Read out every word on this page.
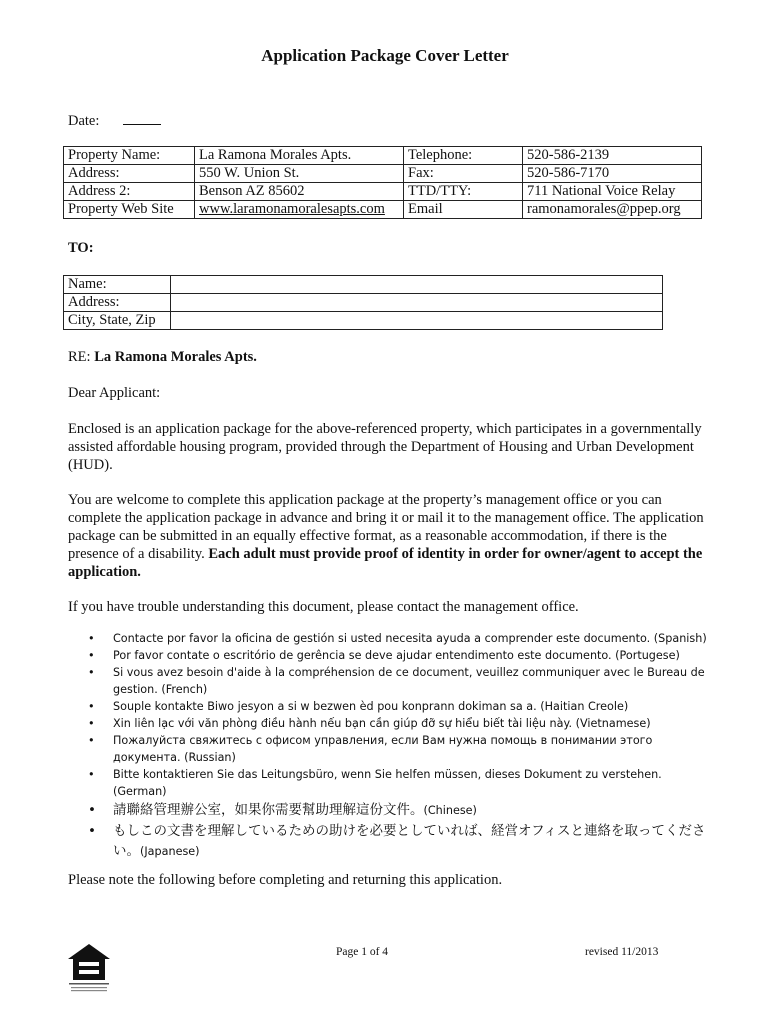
Application Package Cover Letter
Date:
Property Name:	La Ramona Morales Apts.	Telephone:	520-586-2139
Address:	550 W. Union St.	Fax:	520-586-7170
Address 2:	Benson AZ 85602	TTD/TTY:	711 National Voice Relay
Property Web Site	www.laramonamoralesapts.com	Email	ramonamorales@ppep.org
TO:
Name:	
Address:	
City, State, Zip	
RE: La Ramona Morales Apts.
Dear Applicant:
Enclosed is an application package for the above-referenced property, which participates in a governmentally assisted affordable housing program, provided through the Department of Housing and Urban Development (HUD).
You are welcome to complete this application package at the property’s management office or you can complete the application package in advance and bring it or mail it to the management office. The application package can be submitted in an equally effective format, as a reasonable accommodation, if there is the presence of a disability. Each adult must provide proof of identity in order for owner/agent to accept the application.
If you have trouble understanding this document, please contact the management office.
• Contacte por favor la oficina de gestión si usted necesita ayuda a comprender este documento. (Spanish)
• Por favor contate o escritório de gerência se deve ajudar entendimento este documento. (Portugese)
• Si vous avez besoin d'aide à la compréhension de ce document, veuillez communiquer avec le Bureau de gestion. (French)
• Souple kontakte Biwo jesyon a si w bezwen èd pou konprann dokiman sa a. (Haitian Creole)
• Xin liên lạc với văn phòng điều hành nếu bạn cần giúp đỡ sự hiểu biết tài liệu này. (Vietnamese)
• Пожалуйста свяжитесь с офисом управления, если Вам нужна помощь в понимании этого документа. (Russian)
• Bitte kontaktieren Sie das Leitungsbüro, wenn Sie helfen müssen, dieses Dokument zu verstehen. (German)
• 請聯絡管理辦公室，如果你需要幫助理解這份文件。(Chinese)
• もしこの文書を理解しているための助けを必要としていれば、経営オフィスと連絡を取ってください。(Japanese)
Please note the following before completing and returning this application.
Page 1 of 4	revised 11/2013
